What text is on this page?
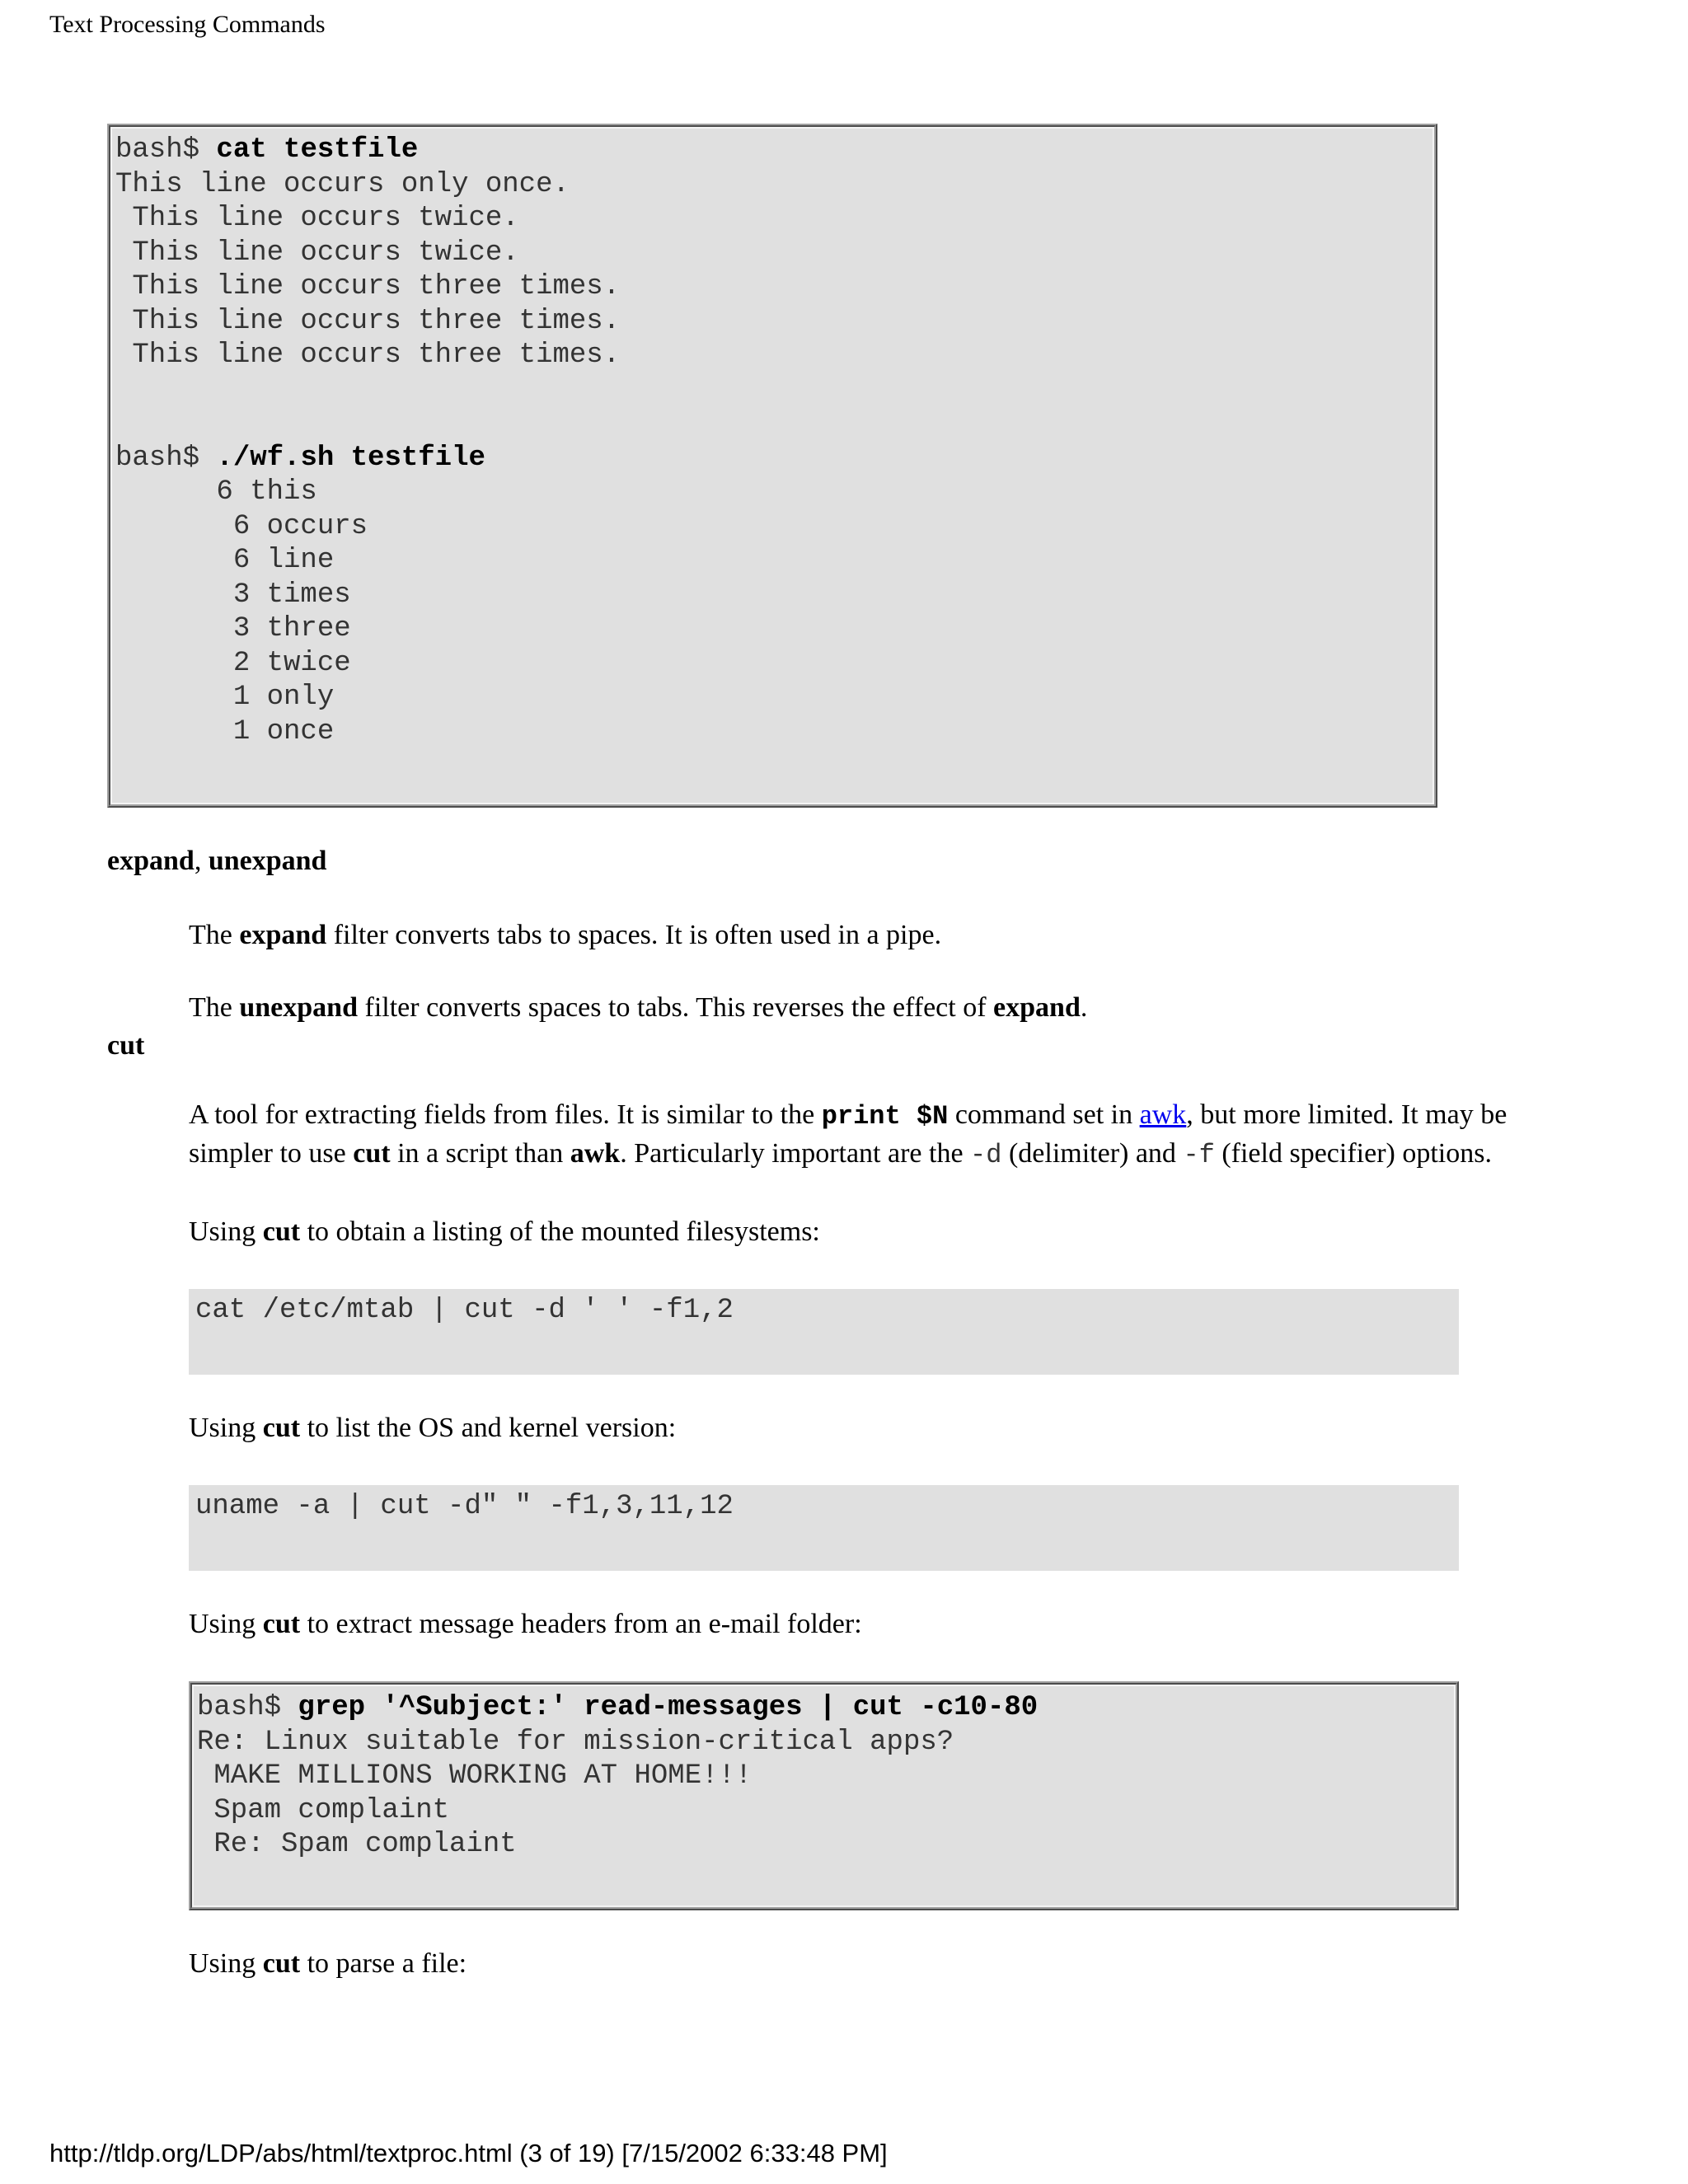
Text Processing Commands
bash$ cat testfile
This line occurs only once.
This line occurs twice.
This line occurs twice.
This line occurs three times.
This line occurs three times.
This line occurs three times.

bash$ ./wf.sh testfile
6 this
6 occurs
6 line
3 times
3 three
2 twice
1 only
1 once
expand, unexpand
The expand filter converts tabs to spaces. It is often used in a pipe.
The unexpand filter converts spaces to tabs. This reverses the effect of expand.
cut
A tool for extracting fields from files. It is similar to the print $N command set in awk, but more limited. It may be simpler to use cut in a script than awk. Particularly important are the -d (delimiter) and -f (field specifier) options.
Using cut to obtain a listing of the mounted filesystems:
cat /etc/mtab | cut -d ' ' -f1,2
Using cut to list the OS and kernel version:
uname -a | cut -d" " -f1,3,11,12
Using cut to extract message headers from an e-mail folder:
bash$ grep '^Subject:' read-messages | cut -c10-80
Re: Linux suitable for mission-critical apps?
MAKE MILLIONS WORKING AT HOME!!!
Spam complaint
Re: Spam complaint
Using cut to parse a file:
http://tldp.org/LDP/abs/html/textproc.html (3 of 19) [7/15/2002 6:33:48 PM]
